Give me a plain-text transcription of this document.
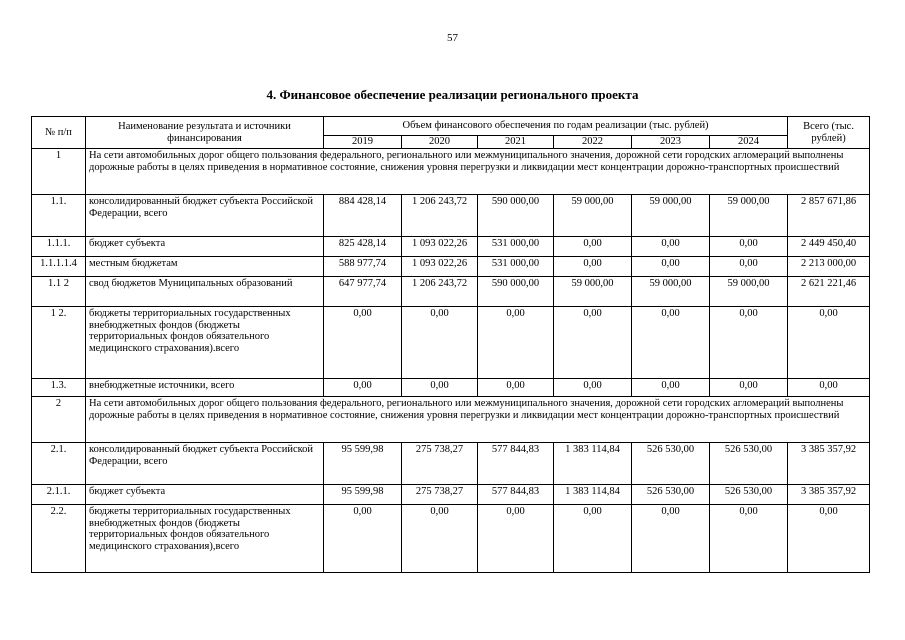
57
4. Финансовое обеспечение реализации регионального проекта
№ п/п	Наименование результата и источники финансирования	Объем финансового обеспечения по годам реализации (тыс. рублей)						Всего (тыс. рублей)
		2019	2020	2021	2022	2023	2024	
1	На сети автомобильных дорог общего пользования федерального, регионального или межмуниципального значения, дорожной сети городских агломераций выполнены дорожные работы в целях приведения в нормативное состояние, снижения уровня перегрузки и ликвидации мест концентрации дорожно-транспортных происшествий							
1.1.	консолидированный бюджет субъекта Российской Федерации, всего	884 428,14	1 206 243,72	590 000,00	59 000,00	59 000,00	59 000,00	2 857 671,86
1.1.1.	бюджет субъекта	825 428,14	1 093 022,26	531 000,00	0,00	0,00	0,00	2 449 450,40
1.1.1.1.4	местным бюджетам	588 977,74	1 093 022,26	531 000,00	0,00	0,00	0,00	2 213 000,00
1.1 2	свод бюджетов Муниципальных образований	647 977,74	1 206 243,72	590 000,00	59 000,00	59 000,00	59 000,00	2 621 221,46
1 2.	бюджеты территориальных государственных внебюджетных фондов (бюджеты территориальных фондов обязательного медицинского страхования).всего	0,00	0,00	0,00	0,00	0,00	0,00	0,00
1.3.	внебюджетные источники, всего	0,00	0,00	0,00	0,00	0,00	0,00	0,00
2	На сети автомобильных дорог общего пользования федерального, регионального или межмуниципального значения, дорожной сети городских агломераций выполнены дорожные работы в целях приведения в нормативное состояние, снижения уровня перегрузки и ликвидации мест концентрации дорожно-транспортных происшествий							
2.1.	консолидированный бюджет субъекта Российской Федерации, всего	95 599,98	275 738,27	577 844,83	1 383 114,84	526 530,00	526 530,00	3 385 357,92
2.1.1.	бюджет субъекта	95 599,98	275 738,27	577 844,83	1 383 114,84	526 530,00	526 530,00	3 385 357,92
2.2.	бюджеты территориальных государственных внебюджетных фондов (бюджеты территориальных фондов обязательного медицинского страхования),всего	0,00	0,00	0,00	0,00	0,00	0,00	0,00
